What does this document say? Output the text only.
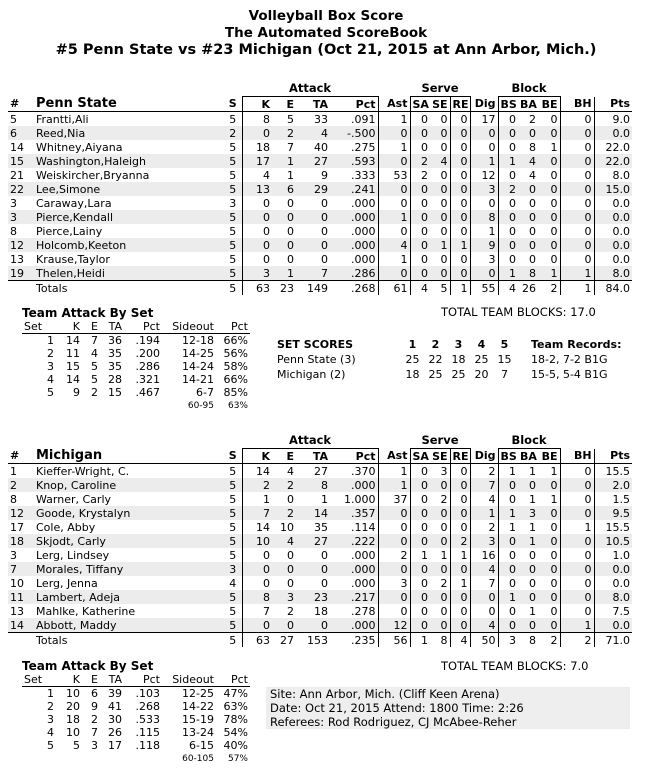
Volleyball Box Score
The Automated ScoreBook
#5 Penn State vs #23 Michigan (Oct 21, 2015 at Ann Arbor, Mich.)
			Attack					Serve				Block				
#	Penn State	S	K	E	TA	Pct	Ast	SA	SE	RE	Dig	BS	BA	BE	BH	Pts
5	Frantti,Ali	5	8	5	33	.091	1	0	0	0	17	0	2	0	0	9.0
6	Reed,Nia	2	0	2	4	-.500	0	0	0	0	0	0	0	0	0	0.0
14	Whitney,Aiyana	5	18	7	40	.275	1	0	0	0	0	0	8	1	0	22.0
15	Washington,Haleigh	5	17	1	27	.593	0	2	4	0	1	1	4	0	0	22.0
21	Weiskircher,Bryanna	5	4	1	9	.333	53	2	0	0	12	0	4	0	0	8.0
22	Lee,Simone	5	13	6	29	.241	0	0	0	0	3	2	0	0	0	15.0
3	Caraway,Lara	3	0	0	0	.000	0	0	0	0	0	0	0	0	0	0.0
3	Pierce,Kendall	5	0	0	0	.000	1	0	0	0	8	0	0	0	0	0.0
8	Pierce,Lainy	5	0	0	0	.000	0	0	0	0	1	0	0	0	0	0.0
12	Holcomb,Keeton	5	0	0	0	.000	4	0	1	1	9	0	0	0	0	0.0
13	Krause,Taylor	5	0	0	0	.000	1	0	0	0	3	0	0	0	0	0.0
19	Thelen,Heidi	5	3	1	7	.286	0	0	0	0	0	1	8	1	1	8.0
	Totals	5	63	23	149	.268	61	4	5	1	55	4	26	2	1	84.0
Team Attack By Set
Set	K	E	TA	Pct	Sideout	Pct
1	14	7	36	.194	12-18	66%
2	11	4	35	.200	14-25	56%
3	15	5	35	.286	14-24	58%
4	14	5	28	.321	14-21	66%
5	9	2	15	.467	6-7	85%
					60-95	63%
TOTAL TEAM BLOCKS: 17.0
SET SCORES	1	2	3	4	5	Team Records:
Penn State (3)	25	22	18	25	15	18-2, 7-2 B1G
Michigan (2)	18	25	25	20	7	15-5, 5-4 B1G
			Attack					Serve				Block				
#	Michigan	S	K	E	TA	Pct	Ast	SA	SE	RE	Dig	BS	BA	BE	BH	Pts
1	Kieffer-Wright, C.	5	14	4	27	.370	1	0	3	0	2	1	1	1	0	15.5
2	Knop, Caroline	5	2	2	8	.000	1	0	0	0	7	0	0	0	0	2.0
8	Warner, Carly	5	1	0	1	1.000	37	0	2	0	4	0	1	1	0	1.5
12	Goode, Krystalyn	5	7	2	14	.357	0	0	0	0	1	1	3	0	0	9.5
17	Cole, Abby	5	14	10	35	.114	0	0	0	0	2	1	1	0	1	15.5
18	Skjodt, Carly	5	10	4	27	.222	0	0	0	2	3	0	1	0	0	10.5
3	Lerg, Lindsey	5	0	0	0	.000	2	1	1	1	16	0	0	0	0	1.0
7	Morales, Tiffany	3	0	0	0	.000	0	0	0	0	4	0	0	0	0	0.0
10	Lerg, Jenna	4	0	0	0	.000	3	0	2	1	7	0	0	0	0	0.0
11	Lambert, Adeja	5	8	3	23	.217	0	0	0	0	0	1	0	0	0	8.0
13	Mahlke, Katherine	5	7	2	18	.278	0	0	0	0	0	0	1	0	0	7.5
14	Abbott, Maddy	5	0	0	0	.000	12	0	0	0	4	0	0	0	1	0.0
	Totals	5	63	27	153	.235	56	1	8	4	50	3	8	2	2	71.0
Team Attack By Set
Set	K	E	TA	Pct	Sideout	Pct
1	10	6	39	.103	12-25	47%
2	20	9	41	.268	14-22	63%
3	18	2	30	.533	15-19	78%
4	10	7	26	.115	13-24	54%
5	5	3	17	.118	6-15	40%
					60-105	57%
TOTAL TEAM BLOCKS: 7.0
Site: Ann Arbor, Mich. (Cliff Keen Arena)
Date: Oct 21, 2015 Attend: 1800 Time: 2:26
Referees: Rod Rodriguez, CJ McAbee-Reher
